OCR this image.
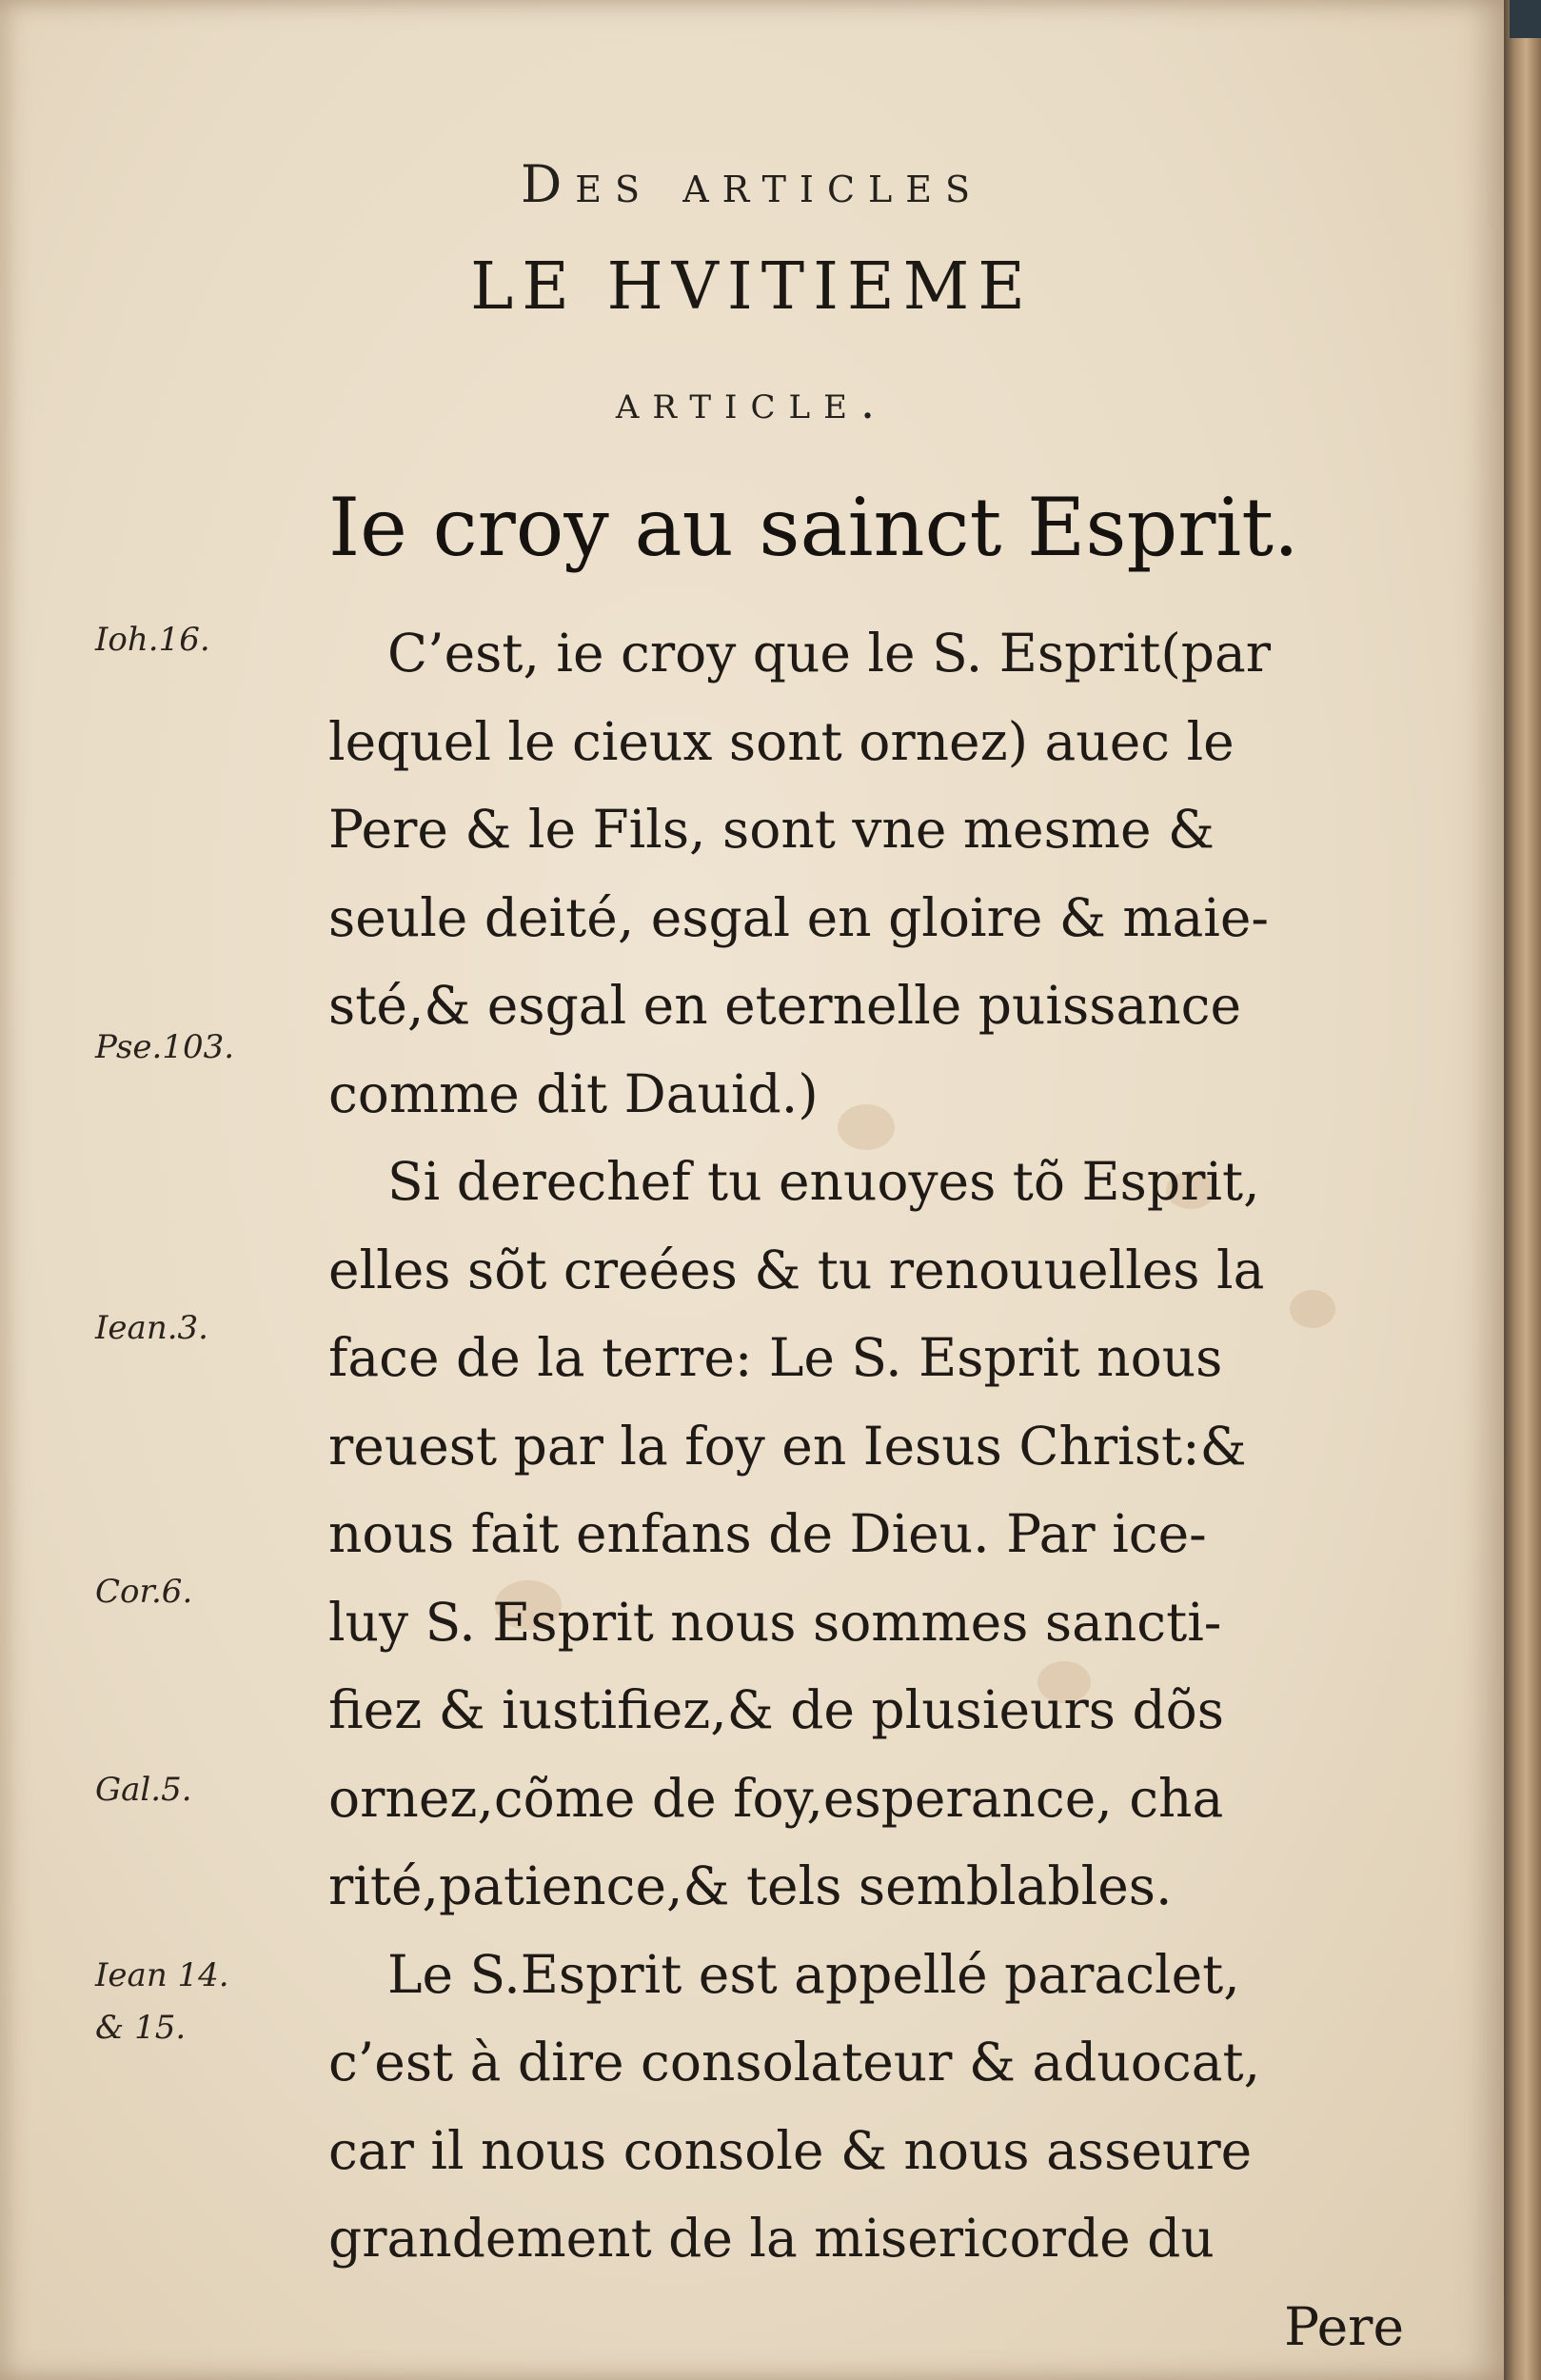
Des articles
LE HVITIEME
article.
Ie croy au sainct Esprit.
C’est, ie croy que le S. Esprit(par
lequel le cieux sont ornez) auec le
Pere & le Fils, sont vne mesme &
seule deité, esgal en gloire & maie-
sté,& esgal en eternelle puissance
comme dit Dauid.)
Si derechef tu enuoyes tõ Esprit,
elles sõt creées & tu renouuelles la
face de la terre: Le S. Esprit nous
reuest par la foy en Iesus Christ:&
nous fait enfans de Dieu. Par ice-
luy S. Esprit nous sommes sancti-
fiez & iustifiez,& de plusieurs dõs
ornez,cõme de foy,esperance, cha
rité,patience,& tels semblables.
Le S.Esprit est appellé paraclet,
c’est à dire consolateur & aduocat,
car il nous console & nous asseure
grandement de la misericorde du
Pere
Ioh.16.
Pse.103.
Iean.3.
Cor.6.
Gal.5.
Iean 14.
& 15.
